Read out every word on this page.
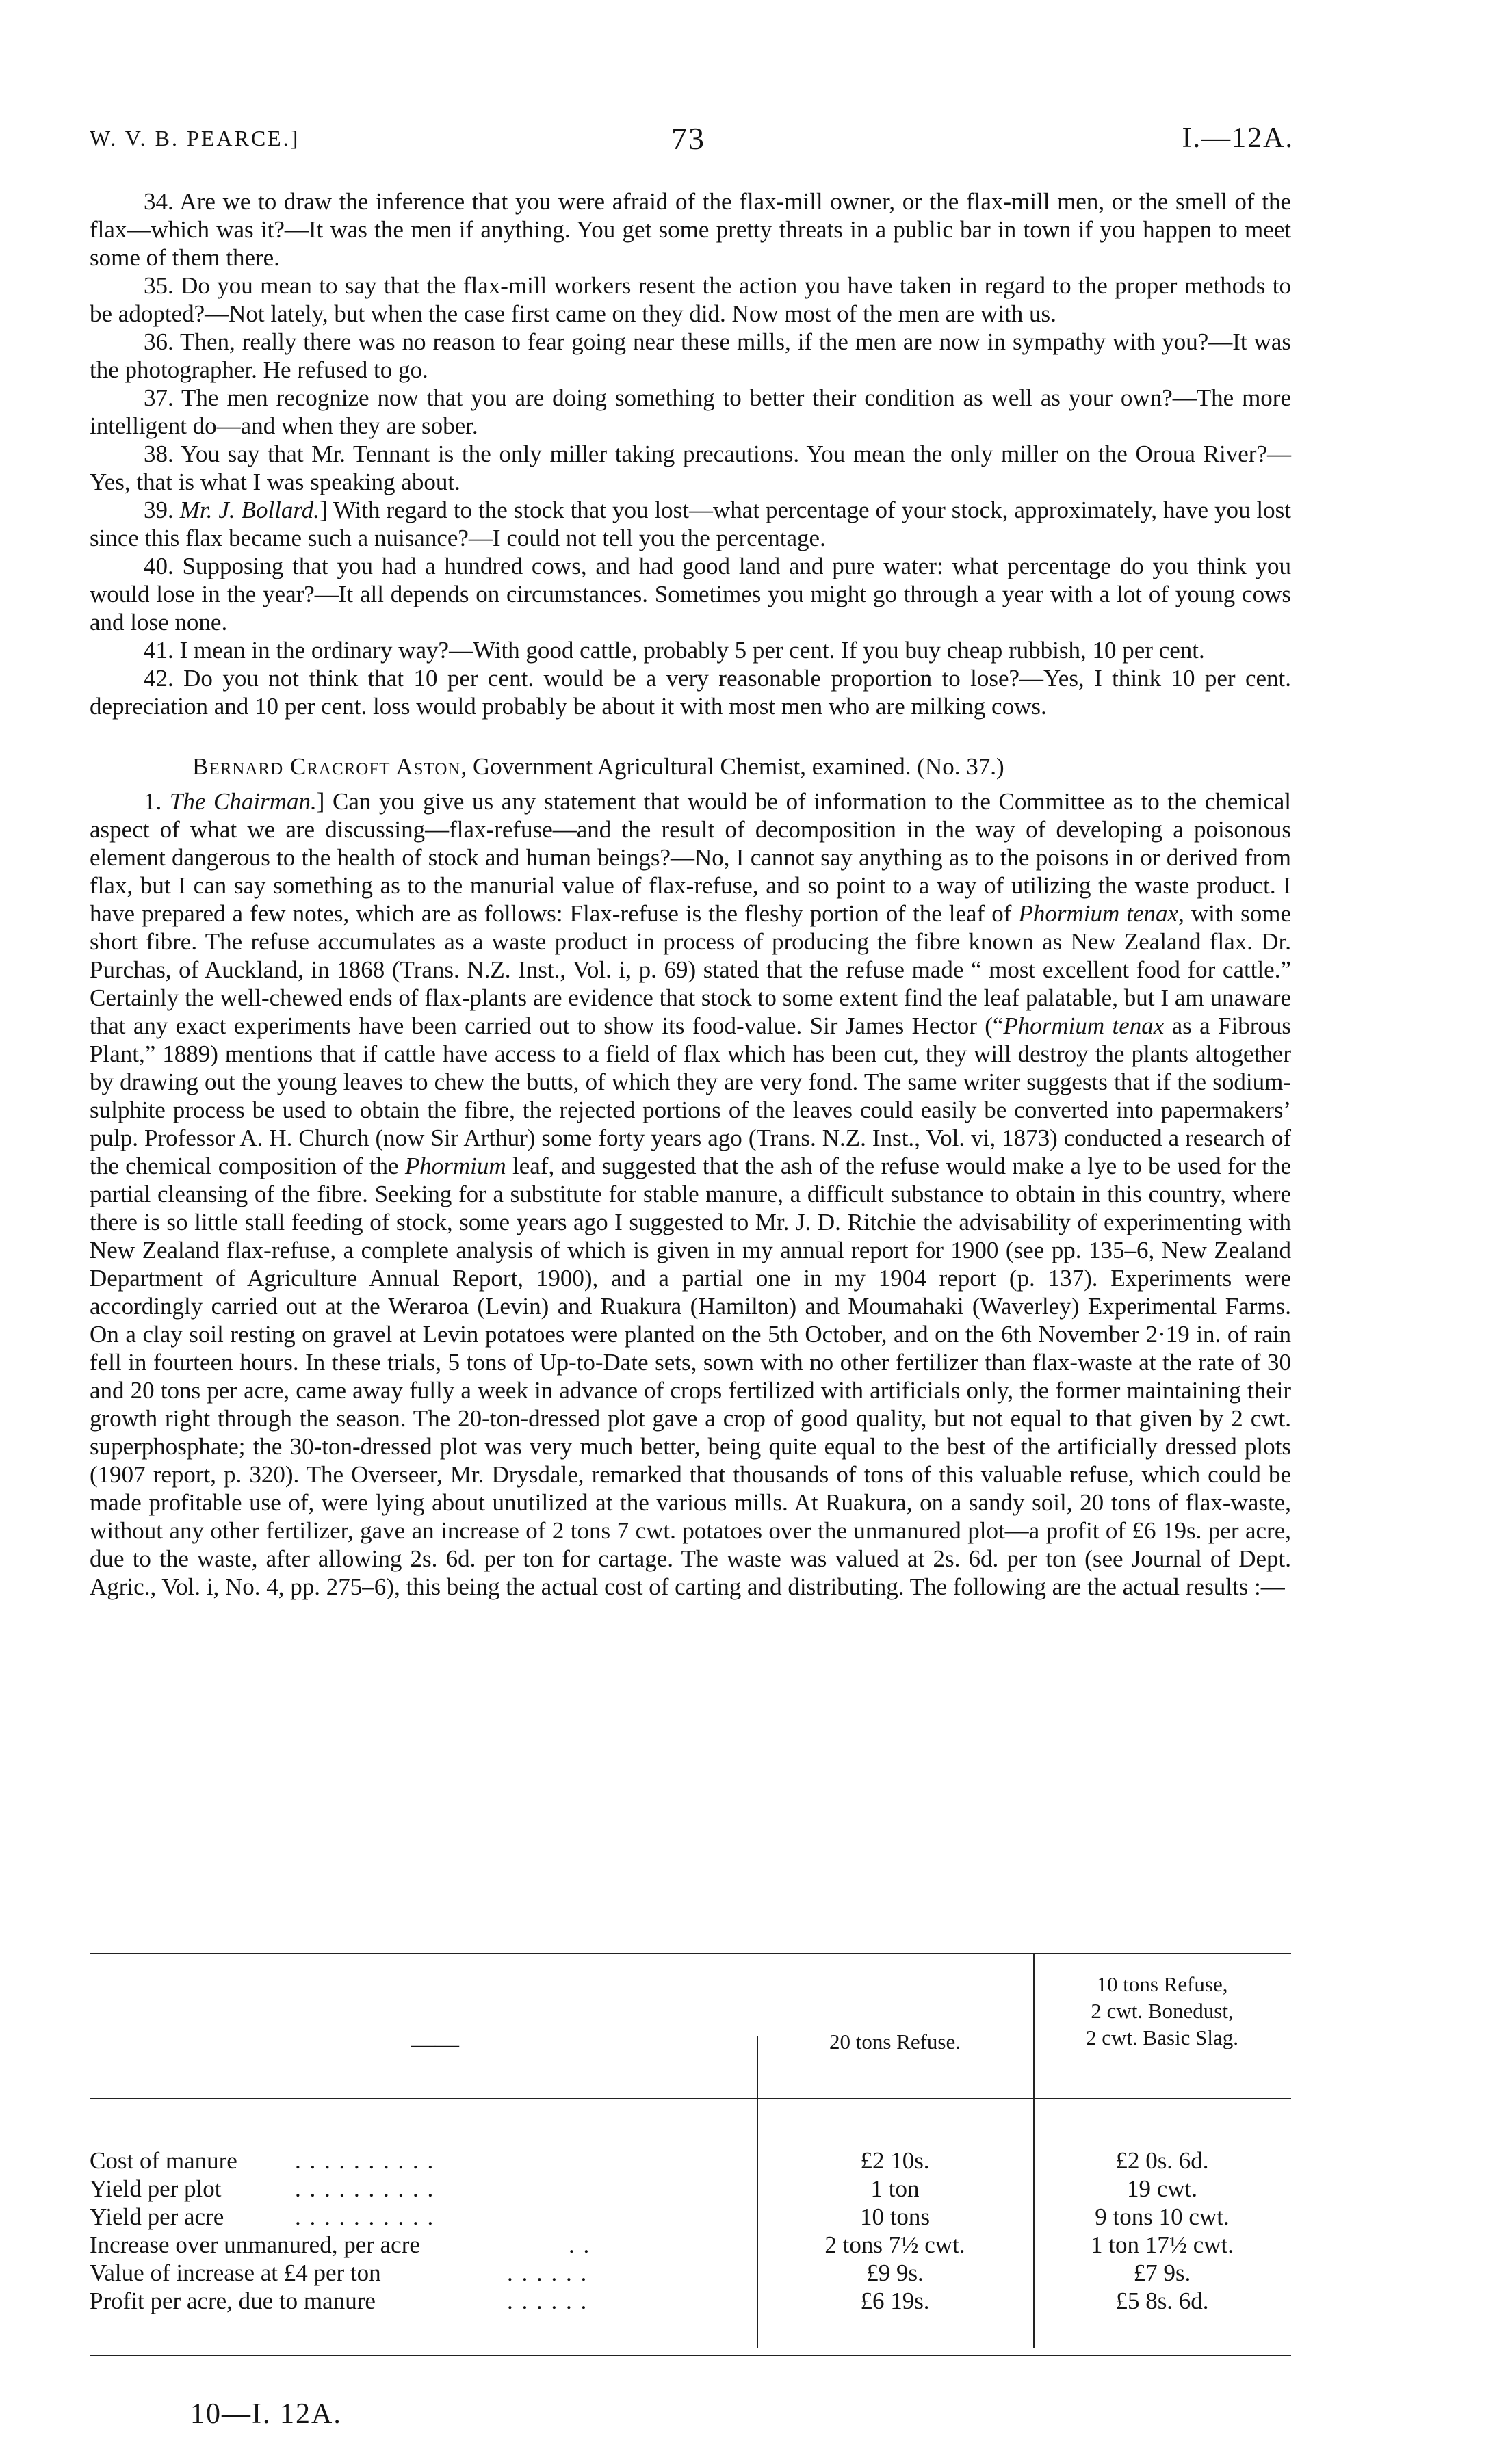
W. V. B. PEARCE.]	73	I.—12A.

34. Are we to draw the inference that you were afraid of the flax-mill owner, or the flax-mill men, or the smell of the flax—which was it?—It was the men if anything. You get some pretty threats in a public bar in town if you happen to meet some of them there.

35. Do you mean to say that the flax-mill workers resent the action you have taken in regard to the proper methods to be adopted?—Not lately, but when the case first came on they did. Now most of the men are with us.

36. Then, really there was no reason to fear going near these mills, if the men are now in sympathy with you?—It was the photographer. He refused to go.

37. The men recognize now that you are doing something to better their condition as well as your own?—The more intelligent do—and when they are sober.

38. You say that Mr. Tennant is the only miller taking precautions. You mean the only miller on the Oroua River?—Yes, that is what I was speaking about.

39. Mr. J. Bollard.] With regard to the stock that you lost—what percentage of your stock, approximately, have you lost since this flax became such a nuisance?—I could not tell you the percentage.

40. Supposing that you had a hundred cows, and had good land and pure water: what percentage do you think you would lose in the year?—It all depends on circumstances. Sometimes you might go through a year with a lot of young cows and lose none.

41. I mean in the ordinary way?—With good cattle, probably 5 per cent. If you buy cheap rubbish, 10 per cent.

42. Do you not think that 10 per cent. would be a very reasonable proportion to lose?—Yes, I think 10 per cent. depreciation and 10 per cent. loss would probably be about it with most men who are milking cows.

Bernard Cracroft Aston, Government Agricultural Chemist, examined. (No. 37.)

1. The Chairman.] Can you give us any statement that would be of information to the Committee as to the chemical aspect of what we are discussing—flax-refuse—and the result of decomposition in the way of developing a poisonous element dangerous to the health of stock and human beings?—No, I cannot say anything as to the poisons in or derived from flax, but I can say something as to the manurial value of flax-refuse, and so point to a way of utilizing the waste product. I have prepared a few notes, which are as follows: Flax-refuse is the fleshy portion of the leaf of Phormium tenax, with some short fibre. The refuse accumulates as a waste product in process of producing the fibre known as New Zealand flax. Dr. Purchas, of Auckland, in 1868 (Trans. N.Z. Inst., Vol. i, p. 69) stated that the refuse made “ most excellent food for cattle.” Certainly the well-chewed ends of flax-plants are evidence that stock to some extent find the leaf palatable, but I am unaware that any exact experiments have been carried out to show its food-value. Sir James Hector (“Phormium tenax as a Fibrous Plant,” 1889) mentions that if cattle have access to a field of flax which has been cut, they will destroy the plants altogether by drawing out the young leaves to chew the butts, of which they are very fond. The same writer suggests that if the sodium-sulphite process be used to obtain the fibre, the rejected portions of the leaves could easily be converted into papermakers’ pulp. Professor A. H. Church (now Sir Arthur) some forty years ago (Trans. N.Z. Inst., Vol. vi, 1873) conducted a research of the chemical composition of the Phormium leaf, and suggested that the ash of the refuse would make a lye to be used for the partial cleansing of the fibre. Seeking for a substitute for stable manure, a difficult substance to obtain in this country, where there is so little stall feeding of stock, some years ago I suggested to Mr. J. D. Ritchie the advisability of experimenting with New Zealand flax-refuse, a complete analysis of which is given in my annual report for 1900 (see pp. 135–6, New Zealand Department of Agriculture Annual Report, 1900), and a partial one in my 1904 report (p. 137). Experiments were accordingly carried out at the Weraroa (Levin) and Ruakura (Hamilton) and Moumahaki (Waverley) Experimental Farms. On a clay soil resting on gravel at Levin potatoes were planted on the 5th October, and on the 6th November 2·19 in. of rain fell in fourteen hours. In these trials, 5 tons of Up-to-Date sets, sown with no other fertilizer than flax-waste at the rate of 30 and 20 tons per acre, came away fully a week in advance of crops fertilized with artificials only, the former maintaining their growth right through the season. The 20-ton-dressed plot gave a crop of good quality, but not equal to that given by 2 cwt. superphosphate; the 30-ton-dressed plot was very much better, being quite equal to the best of the artificially dressed plots (1907 report, p. 320). The Overseer, Mr. Drysdale, remarked that thousands of tons of this valuable refuse, which could be made profitable use of, were lying about unutilized at the various mills. At Ruakura, on a sandy soil, 20 tons of flax-waste, without any other fertilizer, gave an increase of 2 tons 7 cwt. potatoes over the unmanured plot—a profit of £6 19s. per acre, due to the waste, after allowing 2s. 6d. per ton for cartage. The waste was valued at 2s. 6d. per ton (see Journal of Dept. Agric., Vol. i, No. 4, pp. 275–6), this being the actual cost of carting and distributing. The following are the actual results :—

——	20 tons Refuse.
10 tons Refuse,
2 cwt. Bonedust,
2 cwt. Basic Slag.
Cost of manure . . . . . . . . . .	£2 10s.	£2 0s. 6d.
Yield per plot	. . . . . . . . . .	1 ton	19 cwt.
Yield per acre	. . . . . . . . . .	10 tons	9 tons 10 cwt.
Increase over unmanured, per acre	. .	2 tons 7½ cwt.	1 ton 17½ cwt.
Value of increase at £4 per ton	. . . . . .	£9 9s.	£7 9s.
Profit per acre, due to manure	. . . . . .	£6 19s.	£5 8s. 6d.
10—I. 12A.
